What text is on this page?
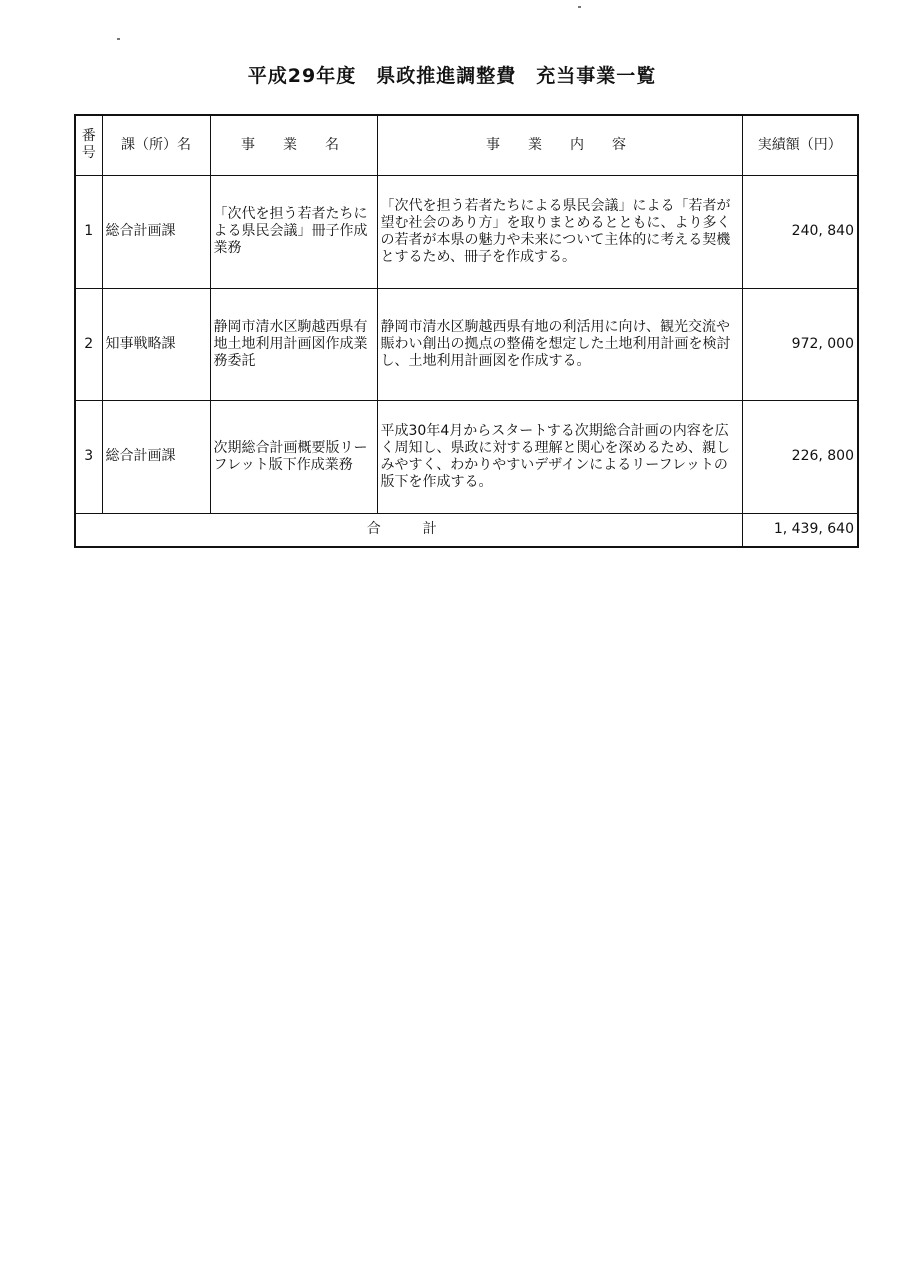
平成29年度　県政推進調整費　充当事業一覧
番号	課（所）名	事　業　名	事　業　内　容	実績額（円）
1	総合計画課	「次代を担う若者たちによる県民会議」冊子作成業務	「次代を担う若者たちによる県民会議」による「若者が望む社会のあり方」を取りまとめるとともに、より多くの若者が本県の魅力や未来について主体的に考える契機とするため、冊子を作成する。	240, 840
2	知事戦略課	静岡市清水区駒越西県有地土地利用計画図作成業務委託	静岡市清水区駒越西県有地の利活用に向け、観光交流や賑わい創出の拠点の整備を想定した土地利用計画を検討し、土地利用計画図を作成する。	972, 000
3	総合計画課	次期総合計画概要版リーフレット版下作成業務	平成30年4月からスタートする次期総合計画の内容を広く周知し、県政に対する理解と関心を深めるため、親しみやすく、わかりやすいデザインによるリーフレットの版下を作成する。	226, 800
合　計				1, 439, 640
